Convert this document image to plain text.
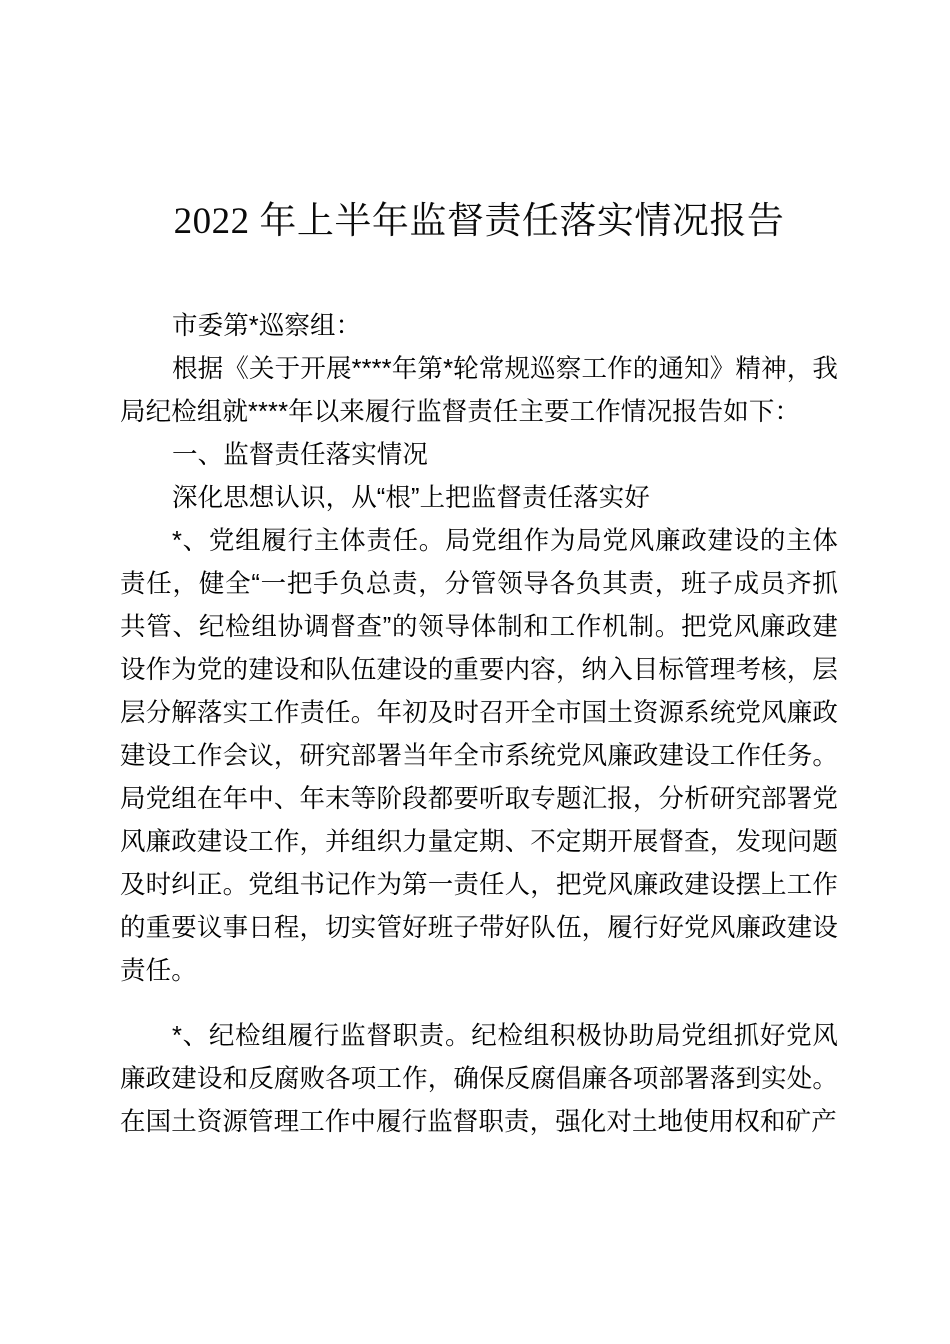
2022 年上半年监督责任落实情况报告

市委第*巡察组：

根据《关于开展****年第*轮常规巡察工作的通知》精神，我局纪检组就****年以来履行监督责任主要工作情况报告如下：

一、监督责任落实情况

深化思想认识，从“根”上把监督责任落实好

*、党组履行主体责任。局党组作为局党风廉政建设的主体责任，健全“一把手负总责，分管领导各负其责，班子成员齐抓共管、纪检组协调督查”的领导体制和工作机制。把党风廉政建设作为党的建设和队伍建设的重要内容，纳入目标管理考核，层层分解落实工作责任。年初及时召开全市国土资源系统党风廉政建设工作会议，研究部署当年全市系统党风廉政建设工作任务。局党组在年中、年末等阶段都要听取专题汇报，分析研究部署党风廉政建设工作，并组织力量定期、不定期开展督查，发现问题及时纠正。党组书记作为第一责任人，把党风廉政建设摆上工作的重要议事日程，切实管好班子带好队伍，履行好党风廉政建设责任。

*、纪检组履行监督职责。纪检组积极协助局党组抓好党风廉政建设和反腐败各项工作，确保反腐倡廉各项部署落到实处。在国土资源管理工作中履行监督职责，强化对土地使用权和矿产
